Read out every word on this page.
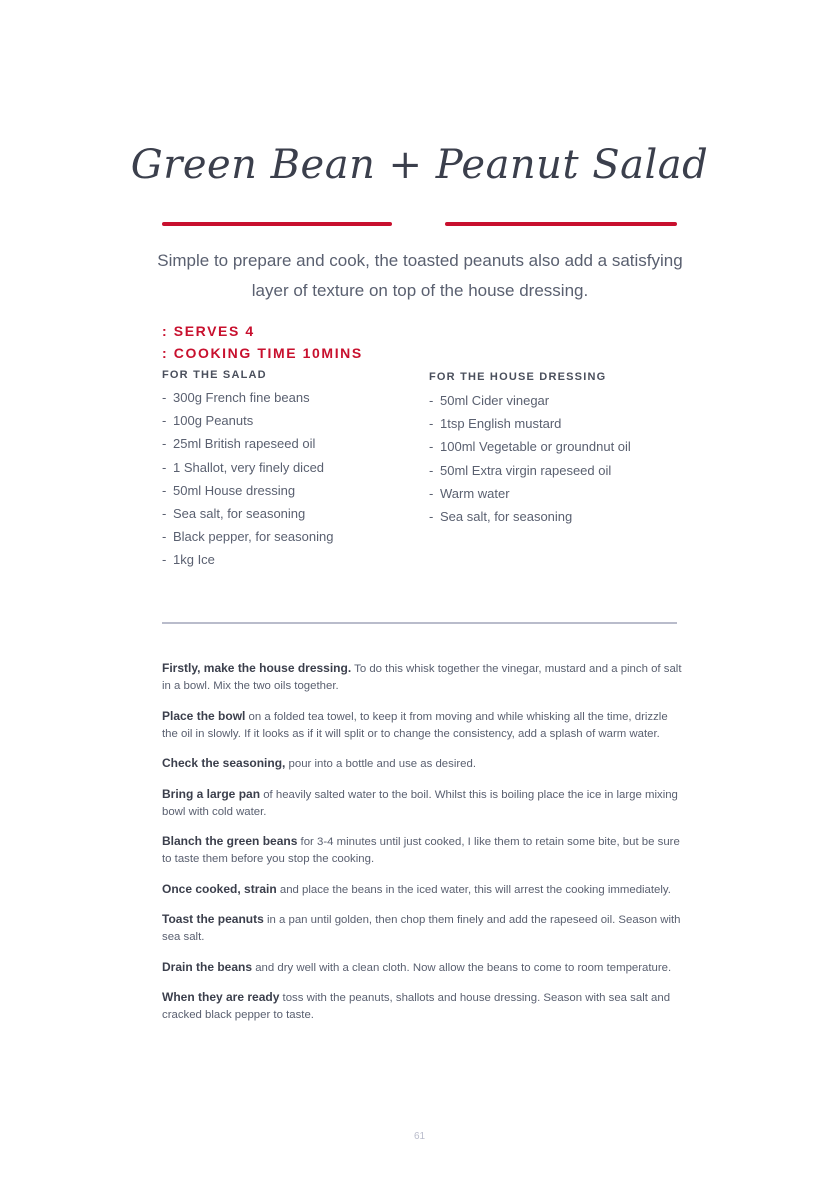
Green Bean + Peanut Salad
Simple to prepare and cook, the toasted peanuts also add a satisfying layer of texture on top of the house dressing.
: SERVES 4
: COOKING TIME 10MINS
FOR THE SALAD
- 300g French fine beans
- 100g Peanuts
- 25ml British rapeseed oil
- 1 Shallot, very finely diced
- 50ml House dressing
- Sea salt, for seasoning
- Black pepper, for seasoning
- 1kg Ice
FOR THE HOUSE DRESSING
- 50ml Cider vinegar
- 1tsp English mustard
- 100ml Vegetable or groundnut oil
- 50ml Extra virgin rapeseed oil
- Warm water
- Sea salt, for seasoning

Firstly, make the house dressing. To do this whisk together the vinegar, mustard and a pinch of salt in a bowl. Mix the two oils together.

Place the bowl on a folded tea towel, to keep it from moving and while whisking all the time, drizzle the oil in slowly. If it looks as if it will split or to change the consistency, add a splash of warm water.

Check the seasoning, pour into a bottle and use as desired.

Bring a large pan of heavily salted water to the boil. Whilst this is boiling place the ice in large mixing bowl with cold water.

Blanch the green beans for 3-4 minutes until just cooked, I like them to retain some bite, but be sure to taste them before you stop the cooking.

Once cooked, strain and place the beans in the iced water, this will arrest the cooking immediately.

Toast the peanuts in a pan until golden, then chop them finely and add the rapeseed oil. Season with sea salt.

Drain the beans and dry well with a clean cloth. Now allow the beans to come to room temperature.

When they are ready toss with the peanuts, shallots and house dressing. Season with sea salt and cracked black pepper to taste.

61
